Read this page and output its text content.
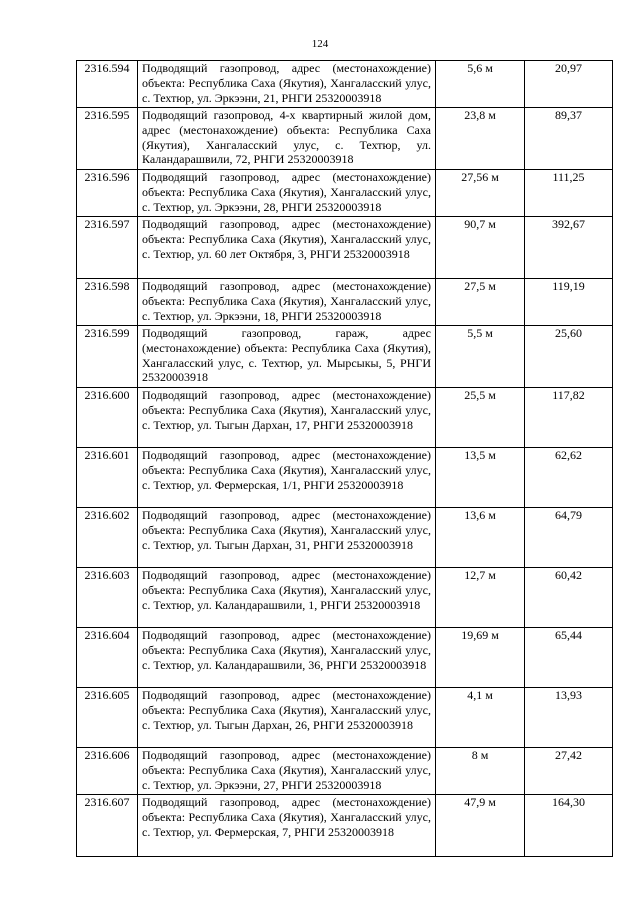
124
2316.594	Подводящий газопровод, адрес (местонахождение) объекта: Республика Саха (Якутия), Хангаласский улус, с. Техтюр, ул. Эркээни, 21, РНГИ 25320003918	5,6 м	20,97
2316.595	Подводящий газопровод, 4-х квартирный жилой дом, адрес (местонахождение) объекта: Республика Саха (Якутия), Хангаласский улус, с. Техтюр, ул. Каландарашвили, 72, РНГИ 25320003918	23,8 м	89,37
2316.596	Подводящий газопровод, адрес (местонахождение) объекта: Республика Саха (Якутия), Хангаласский улус, с. Техтюр, ул. Эркээни, 28, РНГИ 25320003918	27,56 м	111,25
2316.597	Подводящий газопровод, адрес (местонахождение) объекта: Республика Саха (Якутия), Хангаласский улус, с. Техтюр, ул. 60 лет Октября, 3, РНГИ 25320003918	90,7 м	392,67
2316.598	Подводящий газопровод, адрес (местонахождение) объекта: Республика Саха (Якутия), Хангаласский улус, с. Техтюр, ул. Эркээни, 18, РНГИ 25320003918	27,5 м	119,19
2316.599	Подводящий газопровод, гараж, адрес (местонахождение) объекта: Республика Саха (Якутия), Хангаласский улус, с. Техтюр, ул. Мырсыкы, 5, РНГИ 25320003918	5,5 м	25,60
2316.600	Подводящий газопровод, адрес (местонахождение) объекта: Республика Саха (Якутия), Хангаласский улус, с. Техтюр, ул. Тыгын Дархан, 17, РНГИ 25320003918	25,5 м	117,82
2316.601	Подводящий газопровод, адрес (местонахождение) объекта: Республика Саха (Якутия), Хангаласский улус, с. Техтюр, ул. Фермерская, 1/1, РНГИ 25320003918	13,5 м	62,62
2316.602	Подводящий газопровод, адрес (местонахождение) объекта: Республика Саха (Якутия), Хангаласский улус, с. Техтюр, ул. Тыгын Дархан, 31, РНГИ 25320003918	13,6 м	64,79
2316.603	Подводящий газопровод, адрес (местонахождение) объекта: Республика Саха (Якутия), Хангаласский улус, с. Техтюр, ул. Каландарашвили, 1, РНГИ 25320003918	12,7 м	60,42
2316.604	Подводящий газопровод, адрес (местонахождение) объекта: Республика Саха (Якутия), Хангаласский улус, с. Техтюр, ул. Каландарашвили, 36, РНГИ 25320003918	19,69 м	65,44
2316.605	Подводящий газопровод, адрес (местонахождение) объекта: Республика Саха (Якутия), Хангаласский улус, с. Техтюр, ул. Тыгын Дархан, 26, РНГИ 25320003918	4,1 м	13,93
2316.606	Подводящий газопровод, адрес (местонахождение) объекта: Республика Саха (Якутия), Хангаласский улус, с. Техтюр, ул. Эркээни, 27, РНГИ 25320003918	8 м	27,42
2316.607	Подводящий газопровод, адрес (местонахождение) объекта: Республика Саха (Якутия), Хангаласский улус, с. Техтюр, ул. Фермерская, 7, РНГИ 25320003918	47,9 м	164,30
